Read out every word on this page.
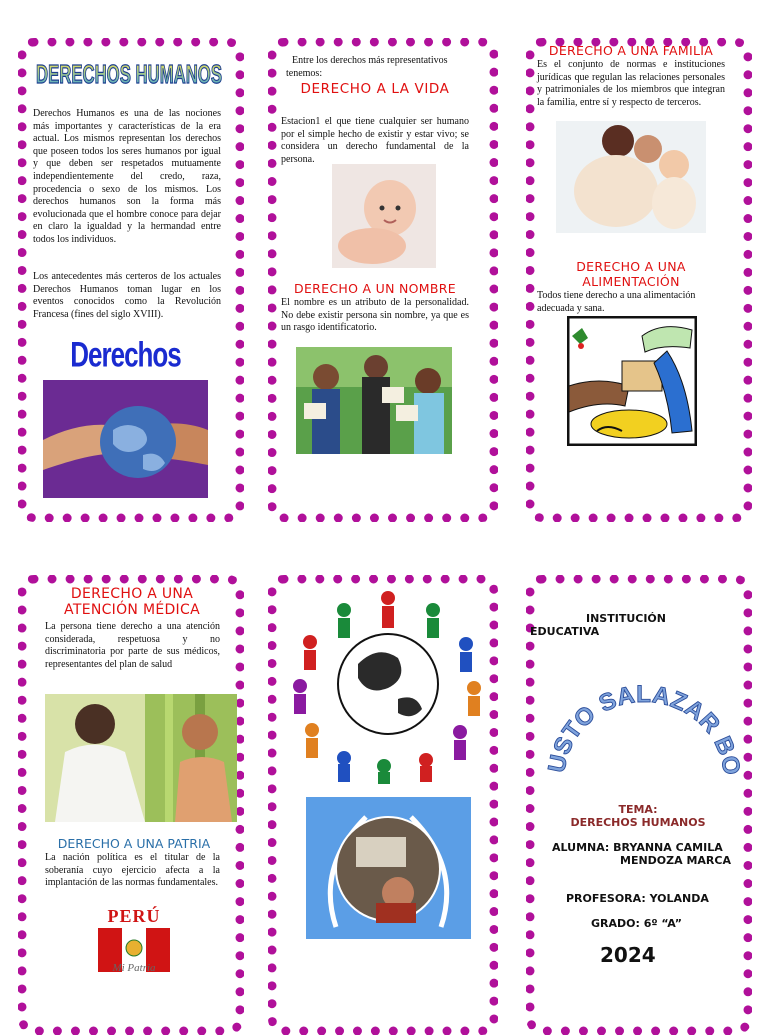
DERECHOS HUMANOS

Derechos Humanos es una de las nociones más importantes y características de la era actual. Los mismos representan los derechos que poseen todos los seres humanos por igual y que deben ser respetados mutuamente independientemente del credo, raza, procedencia o sexo de los mismos. Los derechos humanos son la forma más evolucionada que el hombre conoce para dejar en claro la igualdad y la hermandad entre todos los individuos.

Los antecedentes más certeros de los actuales Derechos Humanos toman lugar en los eventos conocidos como la Revolución Francesa (fines del siglo XVIII).

Derechos

Entre los derechos más representativos tenemos:

DERECHO A LA VIDA

Estacion1 el que tiene cualquier ser humano por el simple hecho de existir y estar vivo; se considera un derecho fundamental de la persona.

DERECHO A UN NOMBRE

El nombre es un atributo de la personalidad. No debe existir persona sin nombre, ya que es un rasgo identificatorio.

DERECHO A UNA FAMILIA

Es el conjunto de normas e instituciones jurídicas que regulan las relaciones personales y patrimoniales de los miembros que integran la familia, entre sí y respecto de terceros.

DERECHO A UNA ALIMENTACIÓN

Todos tiene derecho a una alimentación adecuada y sana.

DERECHO A UNA ATENCIÓN MÉDICA

La persona tiene derecho a una atención considerada, respetuosa y no discriminatoria por parte de sus médicos, representantes del plan de salud

DERECHO A UNA PATRIA

La nación política es el titular de la soberanía cuyo ejercicio afecta a la implantación de las normas fundamentales.

PERÚ
Mi Patria
INSTITUCIÓN EDUCATIVA
USTO SALAZAR B
TEMA:
DERECHOS HUMANOS
ALUMNA: BRYANNA CAMILA
MENDOZA MARCA
PROFESORA: YOLANDA
GRADO: 6º “A”
2024
